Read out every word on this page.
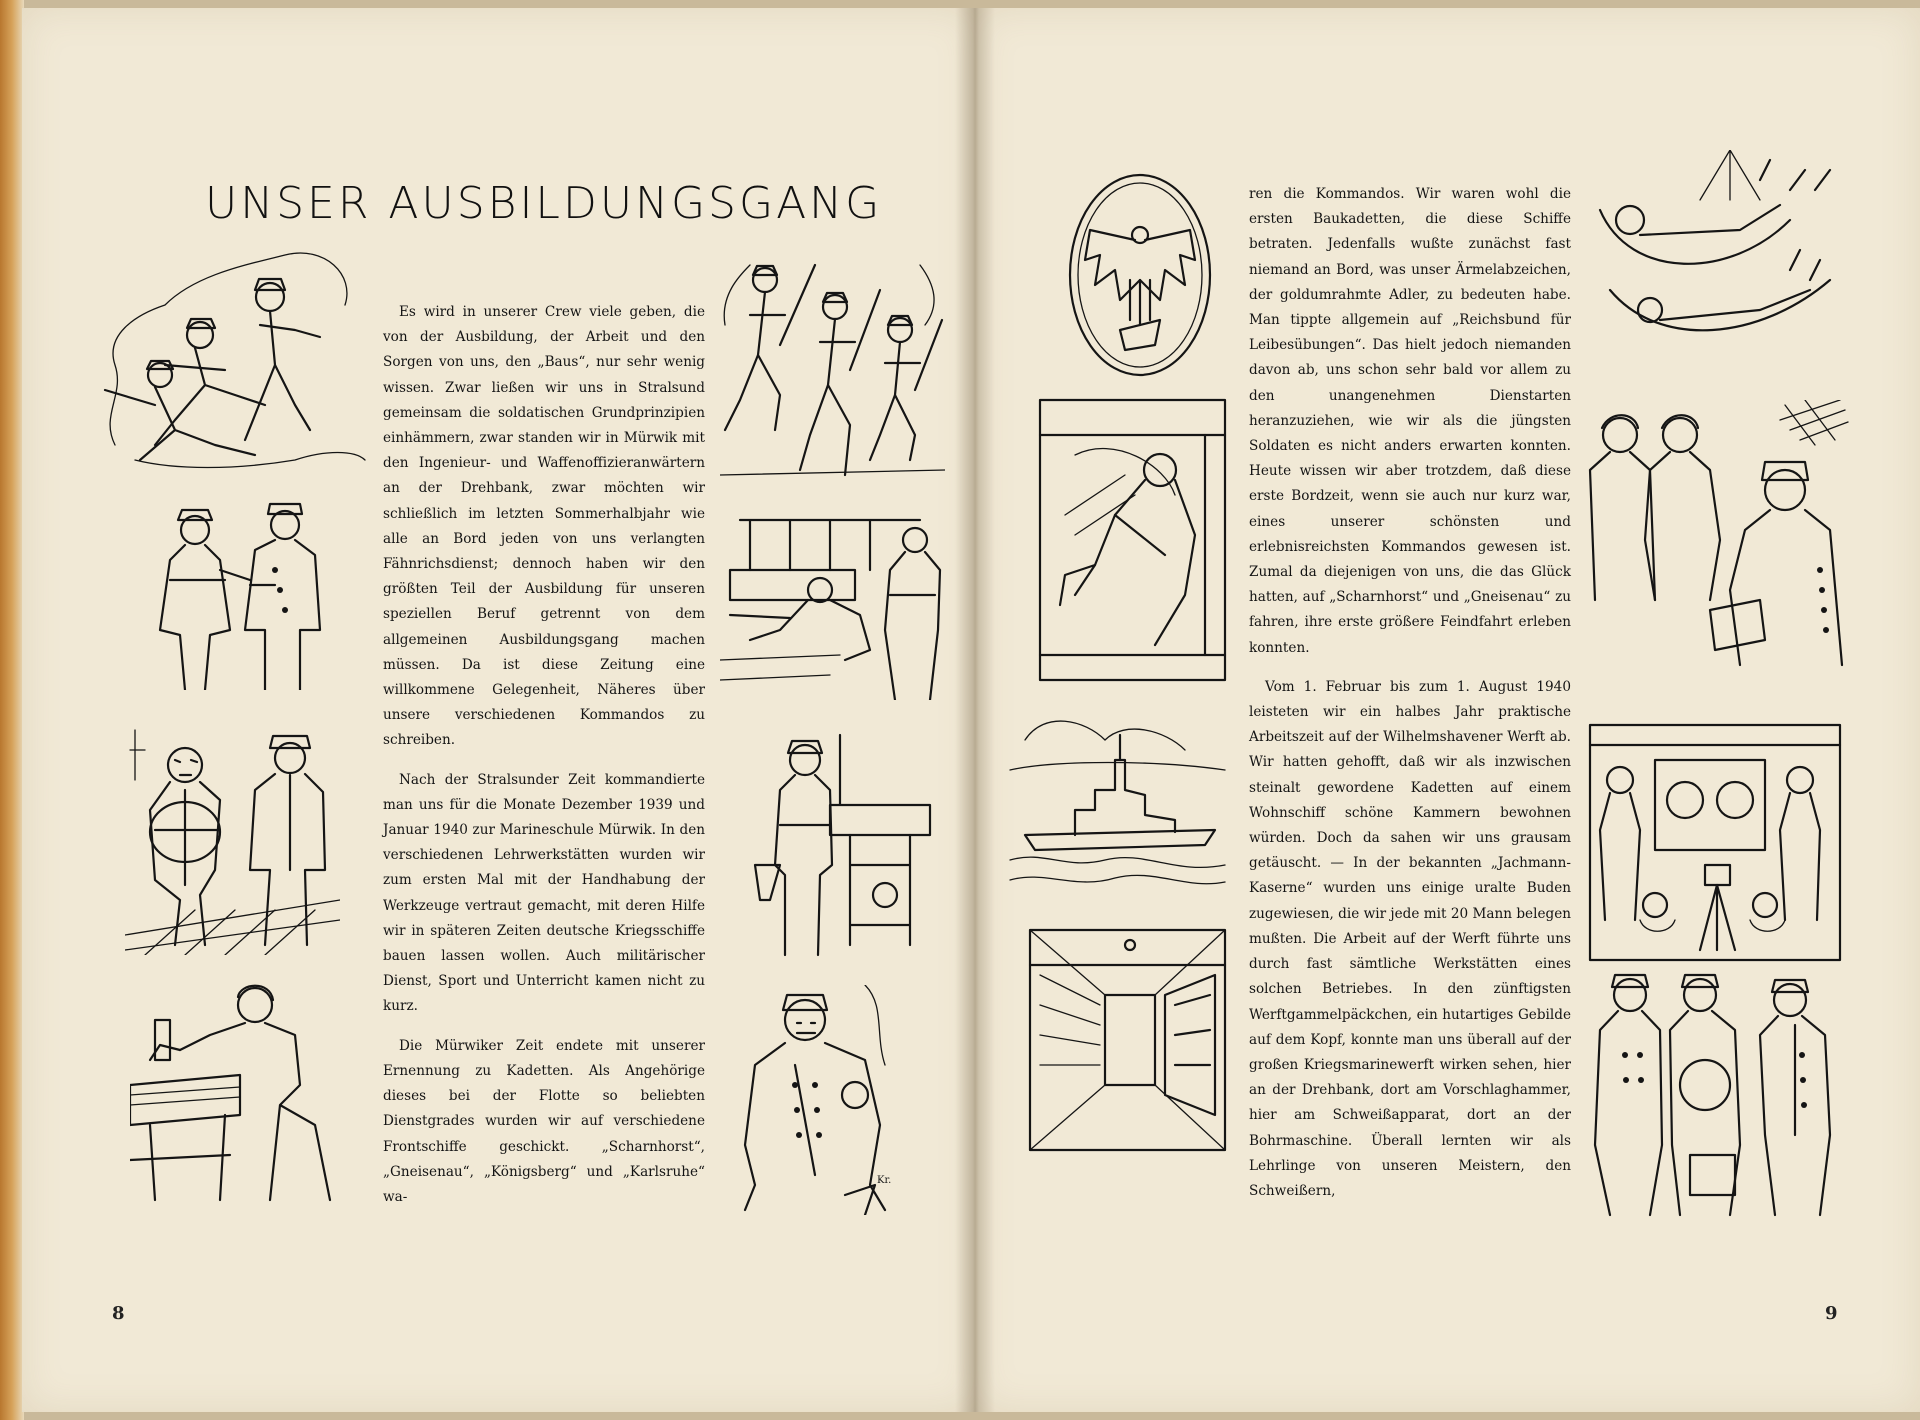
UNSER AUSBILDUNGSGANG

Es wird in unserer Crew viele geben, die von der Ausbildung, der Arbeit und den Sorgen von uns, den „Baus“, nur sehr wenig wissen. Zwar ließen wir uns in Stralsund gemeinsam die soldatischen Grundprinzipien einhämmern, zwar standen wir in Mürwik mit den Ingenieur- und Waffenoffizieranwärtern an der Drehbank, zwar möchten wir schließlich im letzten Sommerhalbjahr wie alle an Bord jeden von uns verlangten Fähnrichsdienst; dennoch haben wir den größten Teil der Ausbildung für unseren speziellen Beruf getrennt von dem allgemeinen Ausbildungsgang machen müssen. Da ist diese Zeitung eine willkommene Gelegenheit, Näheres über unsere verschiedenen Kommandos zu schreiben.

Nach der Stralsunder Zeit kommandierte man uns für die Monate Dezember 1939 und Januar 1940 zur Marineschule Mürwik. In den verschiedenen Lehrwerkstätten wurden wir zum ersten Mal mit der Handhabung der Werkzeuge vertraut gemacht, mit deren Hilfe wir in späteren Zeiten deutsche Kriegsschiffe bauen lassen wollen. Auch militärischer Dienst, Sport und Unterricht kamen nicht zu kurz.

Die Mürwiker Zeit endete mit unserer Ernennung zu Kadetten. Als Angehörige dieses bei der Flotte so beliebten Dienstgrades wurden wir auf verschiedene Frontschiffe geschickt. „Scharnhorst“, „Gneisenau“, „Königsberg“ und „Karlsruhe“ wa-

ren die Kommandos. Wir waren wohl die ersten Baukadetten, die diese Schiffe betraten. Jedenfalls wußte zunächst fast niemand an Bord, was unser Ärmelabzeichen, der goldumrahmte Adler, zu bedeuten habe. Man tippte allgemein auf „Reichsbund für Leibesübungen“. Das hielt jedoch niemanden davon ab, uns schon sehr bald vor allem zu den unangenehmen Dienstarten heranzuziehen, wie wir als die jüngsten Soldaten es nicht anders erwarten konnten. Heute wissen wir aber trotzdem, daß diese erste Bordzeit, wenn sie auch nur kurz war, eines unserer schönsten und erlebnisreichsten Kommandos gewesen ist. Zumal da diejenigen von uns, die das Glück hatten, auf „Scharnhorst“ und „Gneisenau“ zu fahren, ihre erste größere Feindfahrt erleben konnten.

Vom 1. Februar bis zum 1. August 1940 leisteten wir ein halbes Jahr praktische Arbeitszeit auf der Wilhelmshavener Werft ab. Wir hatten gehofft, daß wir als inzwischen steinalt gewordene Kadetten auf einem Wohnschiff schöne Kammern bewohnen würden. Doch da sahen wir uns grausam getäuscht. — In der bekannten „Jachmann-Kaserne“ wurden uns einige uralte Buden zugewiesen, die wir jede mit 20 Mann belegen mußten. Die Arbeit auf der Werft führte uns durch fast sämtliche Werkstätten eines solchen Betriebes. In den zünftigsten Werftgammelpäckchen, ein hutartiges Gebilde auf dem Kopf, konnte man uns überall auf der großen Kriegsmarinewerft wirken sehen, hier an der Drehbank, dort am Vorschlaghammer, hier am Schweißapparat, dort an der Bohrmaschine. Überall lernten wir als Lehrlinge von unseren Meistern, den Schweißern,

8	9
Kr.
